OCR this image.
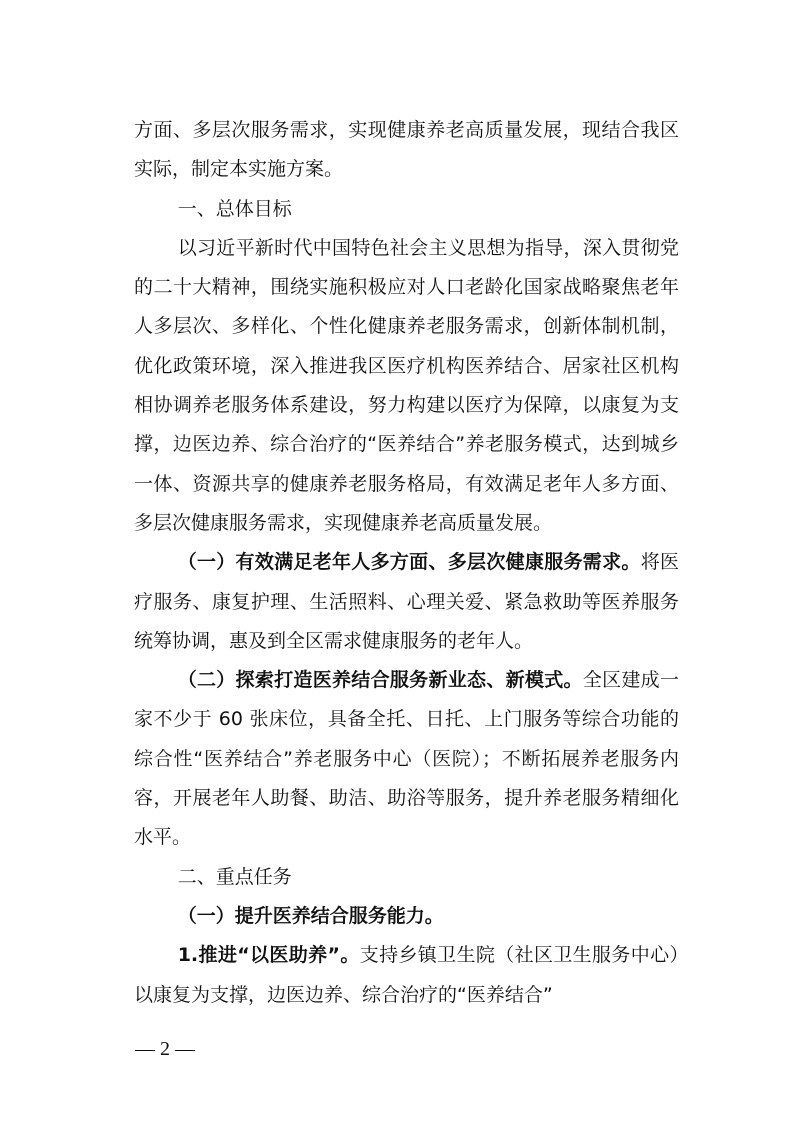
方面、多层次服务需求，实现健康养老高质量发展，现结合我区实际，制定本实施方案。

一、总体目标

以习近平新时代中国特色社会主义思想为指导，深入贯彻党的二十大精神，围绕实施积极应对人口老龄化国家战略聚焦老年人多层次、多样化、个性化健康养老服务需求，创新体制机制，优化政策环境，深入推进我区医疗机构医养结合、居家社区机构相协调养老服务体系建设，努力构建以医疗为保障，以康复为支撑，边医边养、综合治疗的“医养结合”养老服务模式，达到城乡一体、资源共享的健康养老服务格局，有效满足老年人多方面、多层次健康服务需求，实现健康养老高质量发展。

（一）有效满足老年人多方面、多层次健康服务需求。将医疗服务、康复护理、生活照料、心理关爱、紧急救助等医养服务统筹协调，惠及到全区需求健康服务的老年人。

（二）探索打造医养结合服务新业态、新模式。全区建成一家不少于 60 张床位，具备全托、日托、上门服务等综合功能的综合性“医养结合”养老服务中心（医院）；不断拓展养老服务内容，开展老年人助餐、助洁、助浴等服务，提升养老服务精细化水平。

二、重点任务

（一）提升医养结合服务能力。

1.推进“以医助养”。支持乡镇卫生院（社区卫生服务中心）以康复为支撑，边医边养、综合治疗的“医养结合”

— 2 —
